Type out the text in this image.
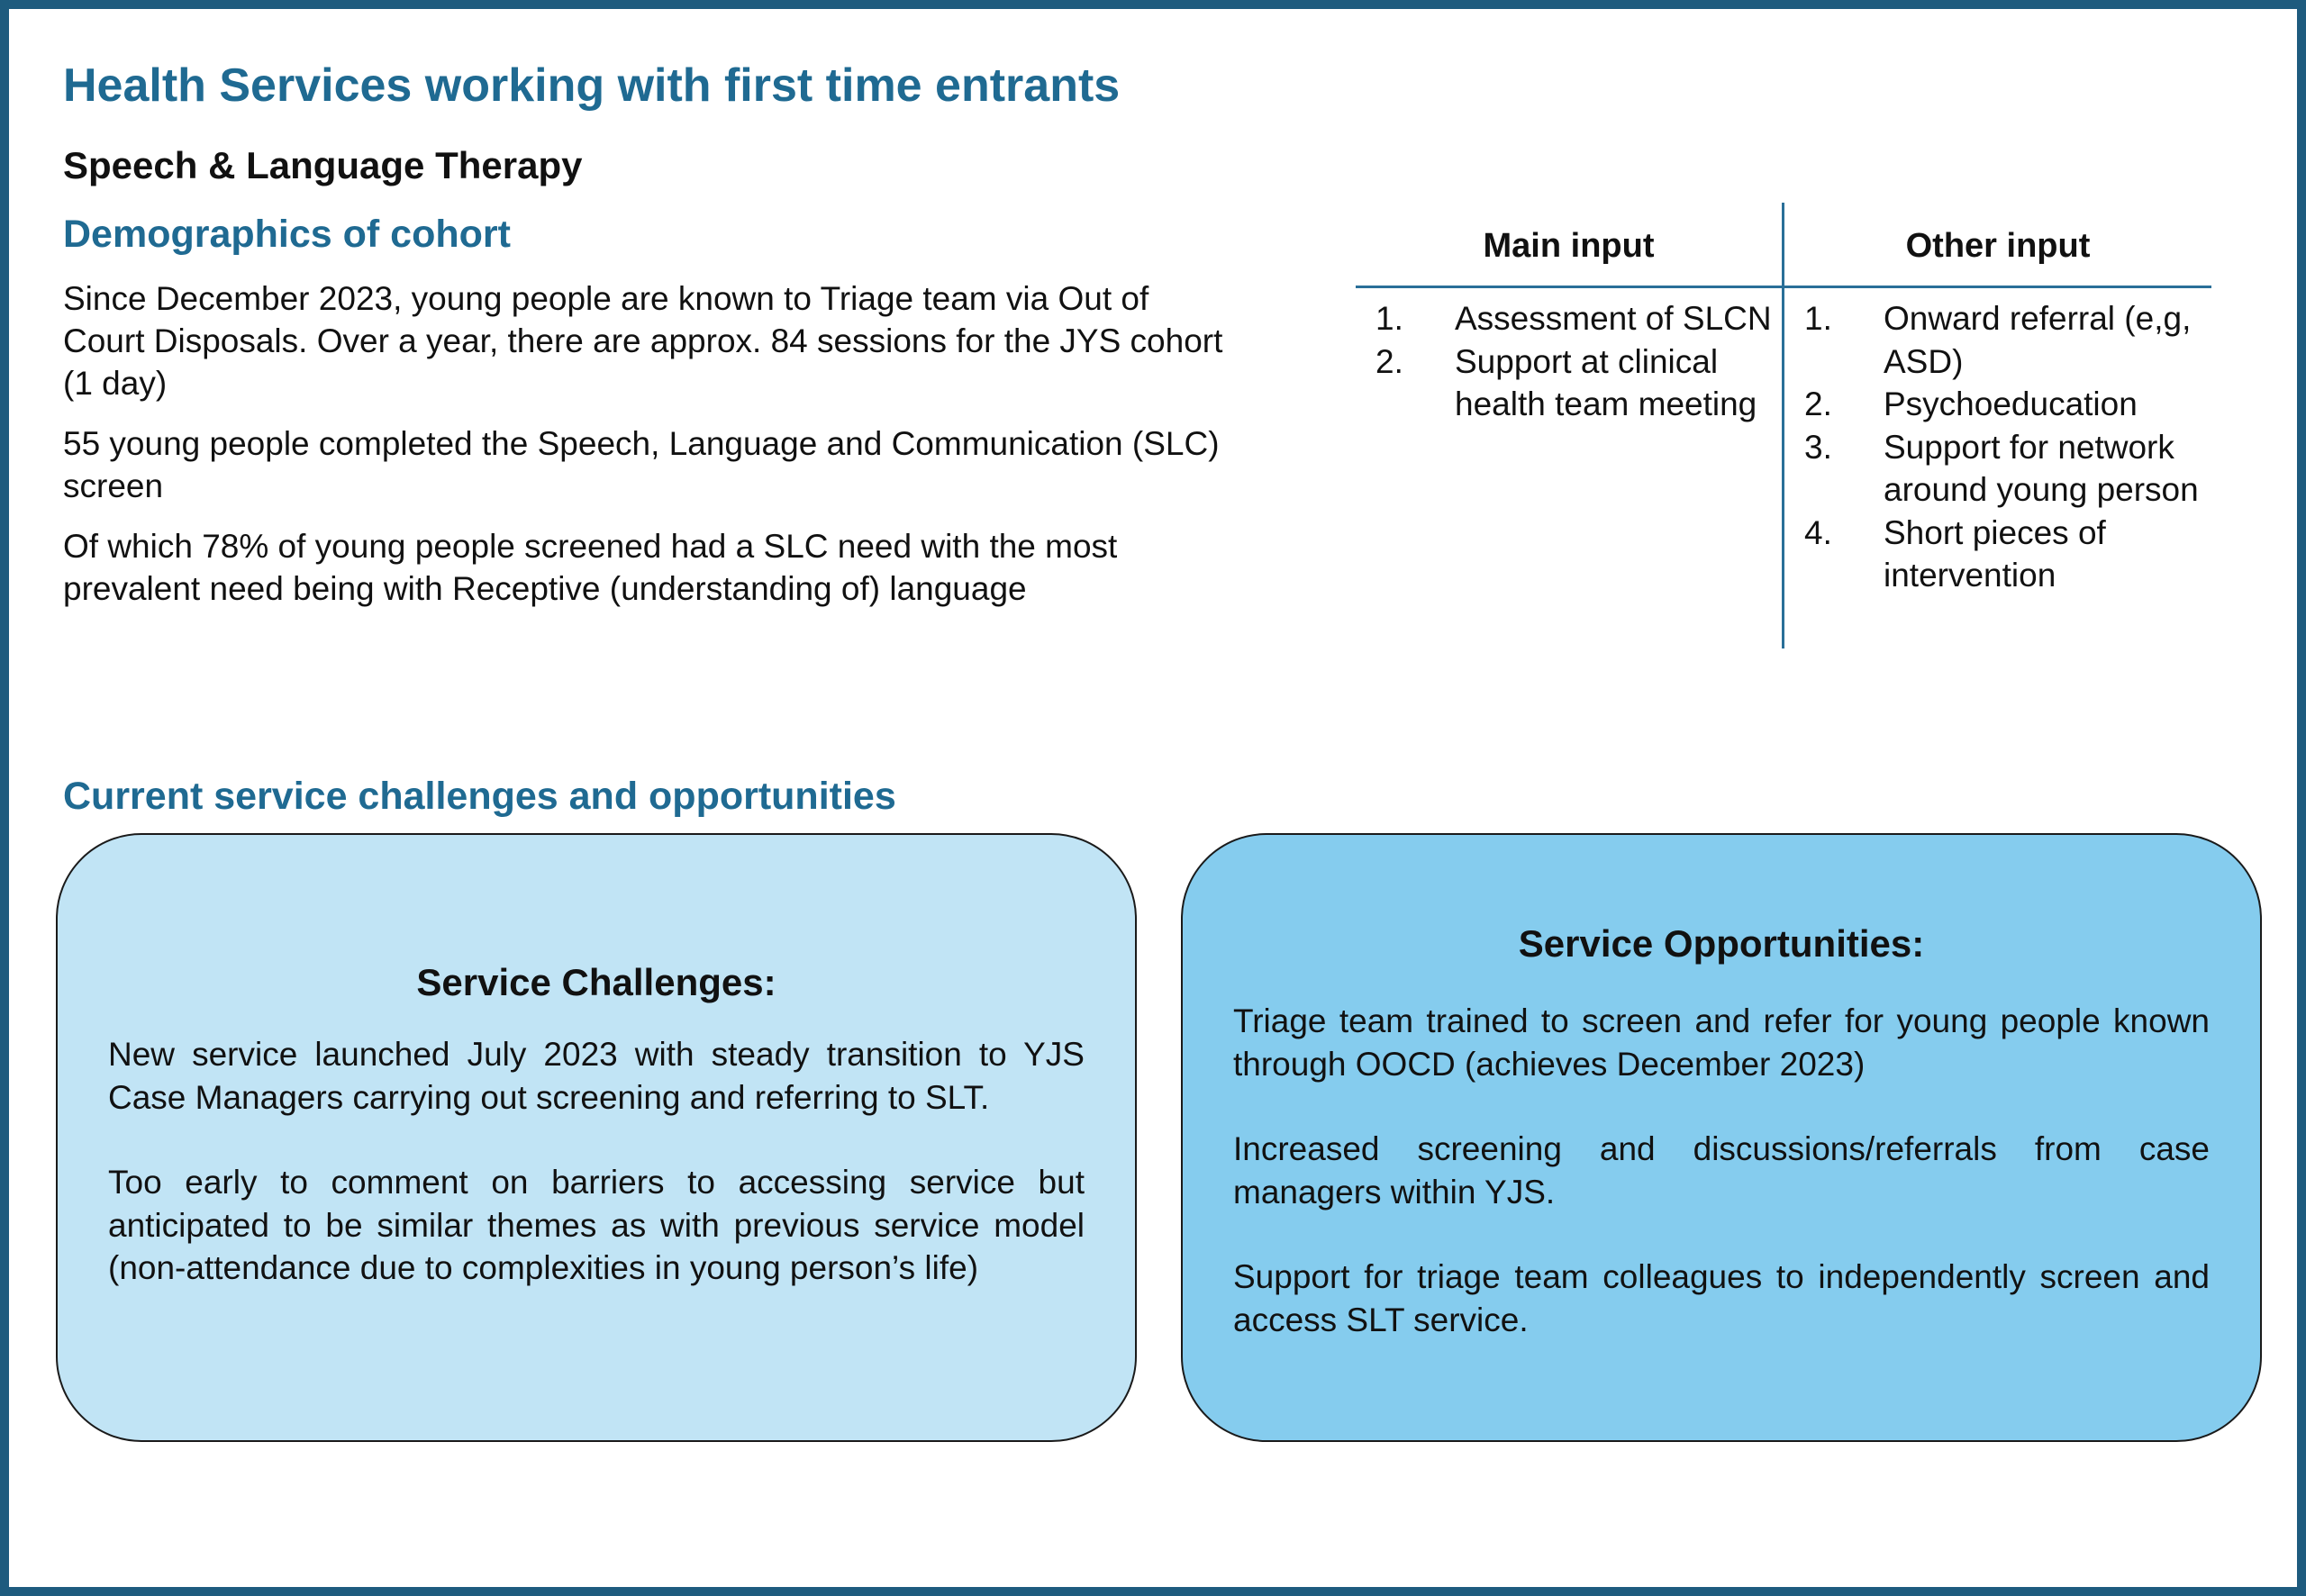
Health Services working with first time entrants
Speech & Language Therapy
Demographics of cohort

Since December 2023, young people are known to Triage team via Out of Court Disposals. Over a year, there are approx. 84 sessions for the JYS cohort (1 day)

55 young people completed the Speech, Language and Communication (SLC) screen

Of which 78% of young people screened had a SLC need with the most prevalent need being with Receptive (understanding of) language

Main input	Other input
1. Assessment of SLCN
2. Support at clinical health team meeting
1. Onward referral (e,g, ASD)
2. Psychoeducation
3. Support for network around young person
4. Short pieces of intervention
Current service challenges and opportunities
Service Challenges:

New service launched July 2023 with steady transition to YJS Case Managers carrying out screening and referring to SLT.

Too early to comment on barriers to accessing service but anticipated to be similar themes as with previous service model (non-attendance due to complexities in young person’s life)

Service Opportunities:

Triage team trained to screen and refer for young people known through OOCD (achieves December 2023)

Increased screening and discussions/referrals from case managers within YJS.

Support for triage team colleagues to independently screen and access SLT service.
